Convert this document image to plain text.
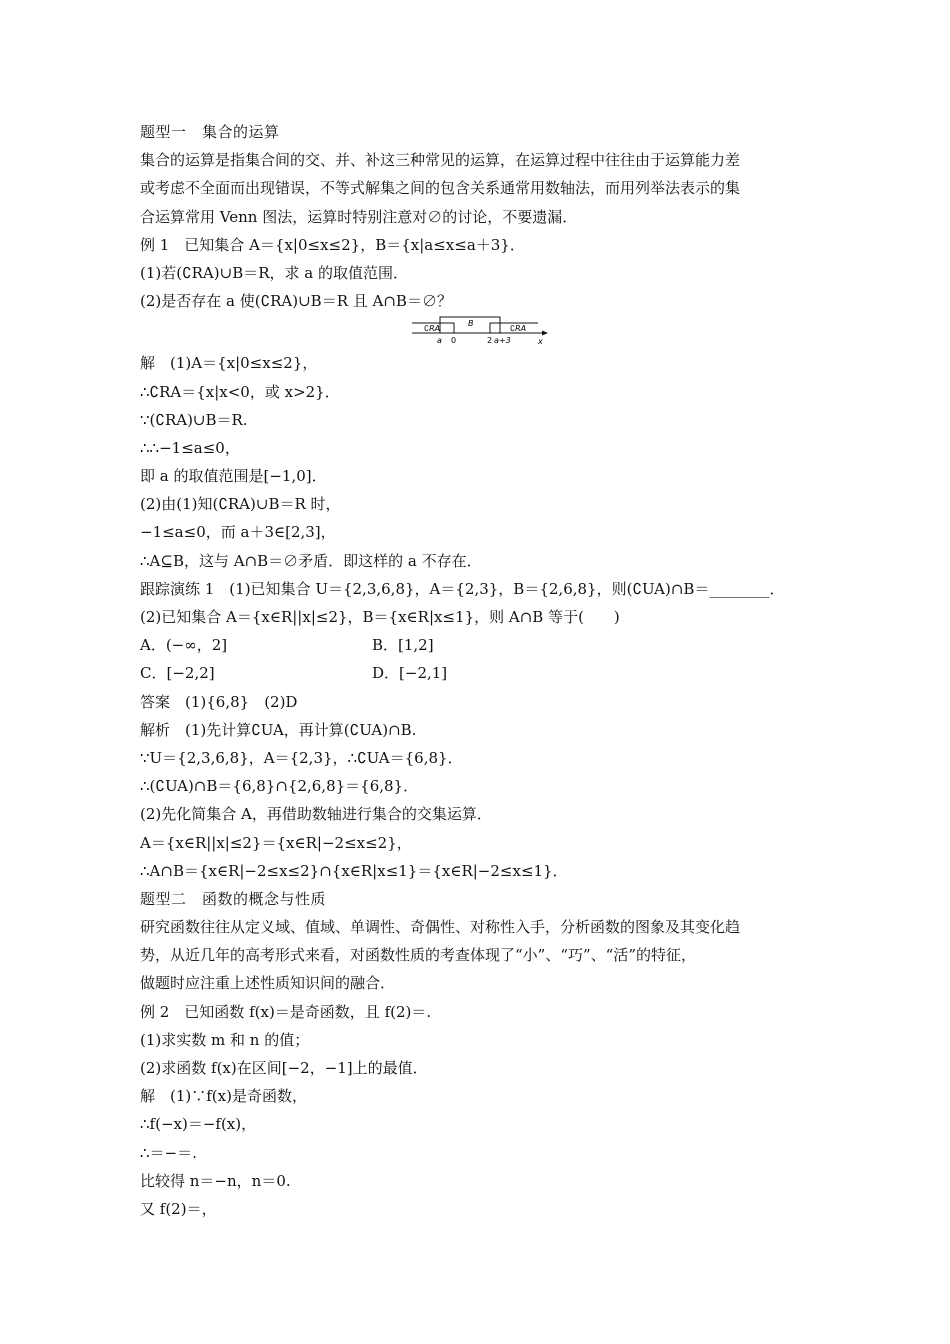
题型一　集合的运算
集合的运算是指集合间的交、并、补这三种常见的运算，在运算过程中往往由于运算能力差
或考虑不全面而出现错误，不等式解集之间的包含关系通常用数轴法，而用列举法表示的集
合运算常用 Venn 图法，运算时特别注意对∅的讨论，不要遗漏．
例 1　已知集合 A＝{x|0≤x≤2}，B＝{x|a≤x≤a＋3}．
(1)若(∁RA)∪B＝R，求 a 的取值范围．
(2)是否存在 a 使(∁RA)∪B＝R 且 A∩B＝∅？
∁RA
B
∁RA
a 0	2 a+3	x
解　(1)A＝{x|0≤x≤2}，
∴∁RA＝{x|x<0，或 x>2}．
∵(∁RA)∪B＝R.
∴∴−1≤a≤0，
即 a 的取值范围是[−1,0]．
(2)由(1)知(∁RA)∪B＝R 时，
−1≤a≤0，而 a＋3∈[2,3]，
∴A⊆B，这与 A∩B＝∅矛盾．即这样的 a 不存在．
跟踪演练 1　(1)已知集合 U＝{2,3,6,8}，A＝{2,3}，B＝{2,6,8}，则(∁UA)∩B＝________．
(2)已知集合 A＝{x∈R||x|≤2}，B＝{x∈R|x≤1}，则 A∩B 等于(　　)
A．(−∞，2]	B．[1,2]
C．[−2,2]	D．[−2,1]
答案　(1){6,8}　(2)D
解析　(1)先计算∁UA，再计算(∁UA)∩B.
∵U＝{2,3,6,8}，A＝{2,3}，∴∁UA＝{6,8}．
∴(∁UA)∩B＝{6,8}∩{2,6,8}＝{6,8}．
(2)先化简集合 A，再借助数轴进行集合的交集运算．
A＝{x∈R||x|≤2}＝{x∈R|−2≤x≤2}，
∴A∩B＝{x∈R|−2≤x≤2}∩{x∈R|x≤1}＝{x∈R|−2≤x≤1}．
题型二　函数的概念与性质
研究函数往往从定义域、值域、单调性、奇偶性、对称性入手，分析函数的图象及其变化趋
势，从近几年的高考形式来看，对函数性质的考查体现了“小”、“巧”、“活”的特征，
做题时应注重上述性质知识间的融合．
例 2　已知函数 f(x)＝是奇函数，且 f(2)＝.
(1)求实数 m 和 n 的值；
(2)求函数 f(x)在区间[−2，−1]上的最值．
解　(1)∵f(x)是奇函数，
∴f(−x)＝−f(x)，
∴＝−＝.
比较得 n＝−n，n＝0.
又 f(2)＝，
